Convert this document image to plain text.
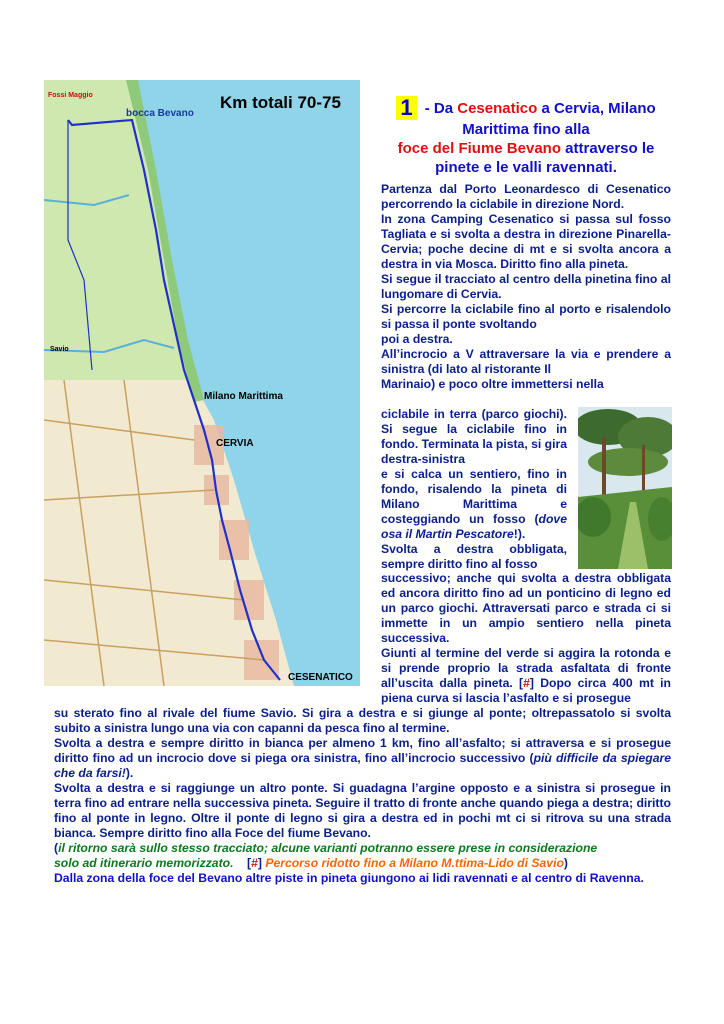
Km totali 70-75
bocca Bevano
Fossi Maggio
Milano Marittima
CERVIA
Savio
CESENATICO
1 - Da Cesenatico a Cervia, Milano Marittima fino alla
foce del Fiume Bevano attraverso le pinete e le valli ravennati.

Partenza dal Porto Leonardesco di Cesenatico percorrendo la ciclabile in direzione Nord.

In zona Camping Cesenatico si passa sul fosso Tagliata e si svolta a destra in direzione Pinarella-Cervia; poche decine di mt e si svolta ancora a destra in via Mosca. Diritto fino alla pineta.

Si segue il tracciato al centro della pinetina fino al lungomare di Cervia.

Si percorre la ciclabile fino al porto e risalendolo si passa il ponte svoltando

poi a destra.

All’incrocio a V attraversare la via e prendere a sinistra (di lato al ristorante Il

Marinaio) e poco oltre immettersi nella

ciclabile in terra (parco giochi). Si segue la ciclabile fino in fondo. Terminata la pista, si gira destra-sinistra

e si calca un sentiero, fino in fondo, risalendo la pineta di Milano Marittima e costeggiando un fosso (dove osa il Martin Pescatore!).

Svolta a destra obbligata, sempre diritto fino al fosso

successivo; anche qui svolta a destra obbligata ed ancora diritto fino ad un ponticino di legno ed un parco giochi. Attraversati parco e strada ci si immette in un ampio sentiero nella pineta successiva.

Giunti al termine del verde si aggira la rotonda e si prende proprio la strada asfaltata di fronte all’uscita dalla pineta. [#] Dopo circa 400 mt in piena curva si lascia l’asfalto e si prosegue

su sterato fino al rivale del fiume Savio. Si gira a destra e si giunge al ponte; oltrepassatolo si svolta subito a sinistra lungo una via con capanni da pesca fino al termine.

Svolta a destra e sempre diritto in bianca per almeno 1 km, fino all’asfalto; si attraversa e si prosegue diritto fino ad un incrocio dove si piega ora sinistra, fino all’incrocio successivo (più difficile da spiegare che da farsi!).

Svolta a destra e si raggiunge un altro ponte. Si guadagna l’argine opposto e a sinistra si prosegue in terra fino ad entrare nella successiva pineta. Seguire il tratto di fronte anche quando piega a destra; diritto fino al ponte in legno. Oltre il ponte di legno si gira a destra ed in pochi mt ci si ritrova su una strada bianca. Sempre diritto fino alla Foce del fiume Bevano.

(il ritorno sarà sullo stesso tracciato; alcune varianti potranno essere prese in considerazione

solo ad itinerario memorizzato.    [#] Percorso ridotto fino a Milano M.ttima-Lido di Savio)

Dalla zona della foce del Bevano altre piste in pineta giungono ai lidi ravennati e al centro di Ravenna.
